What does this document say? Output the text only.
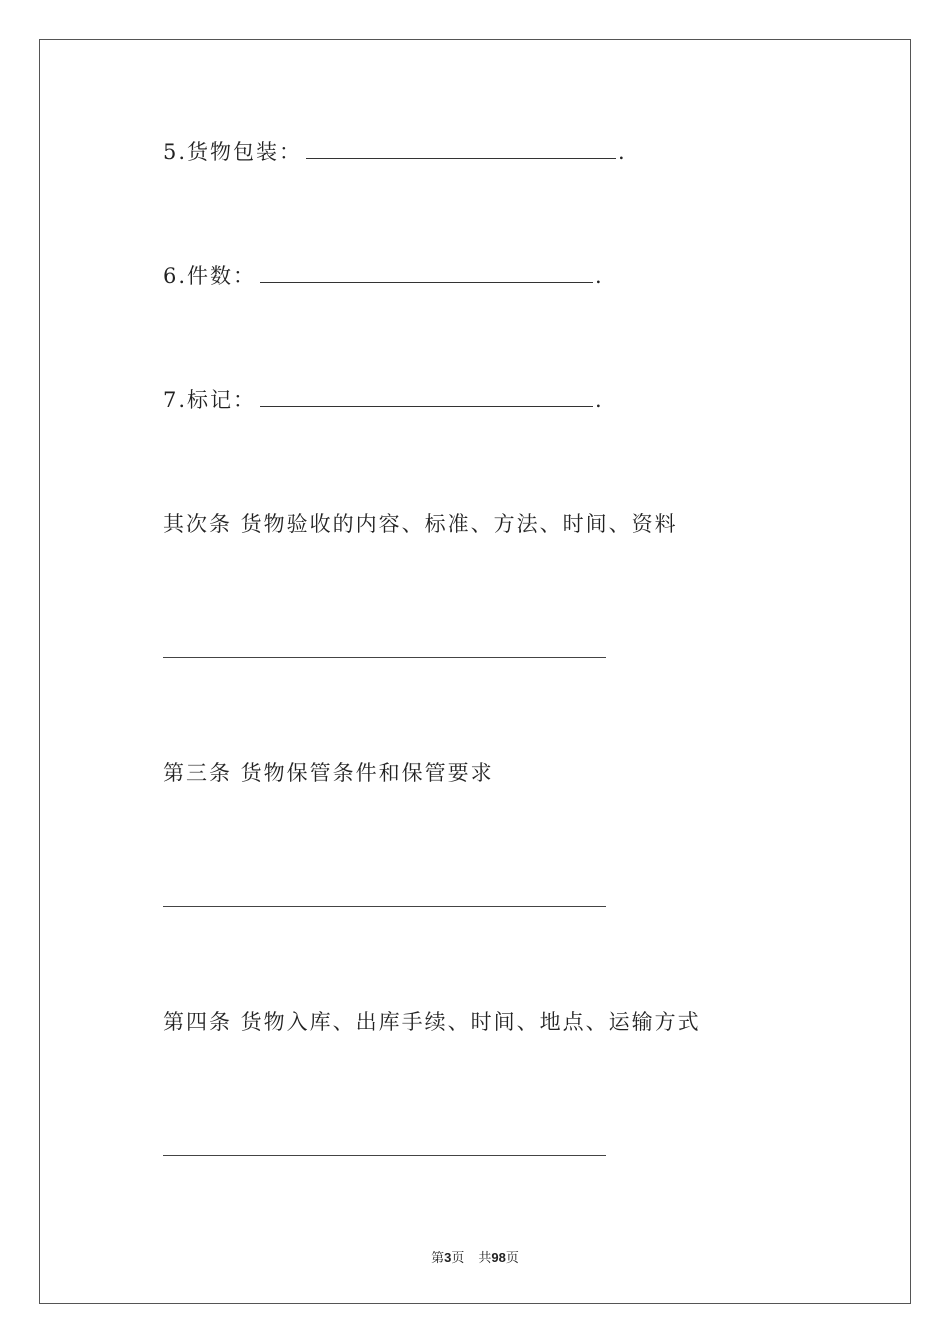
5.货物包装：	.
6.件数：	.
7.标记：	.
其次条 货物验收的内容、标准、方法、时间、资料
第三条 货物保管条件和保管要求
第四条 货物入库、出库手续、时间、地点、运输方式
第3页 共98页
